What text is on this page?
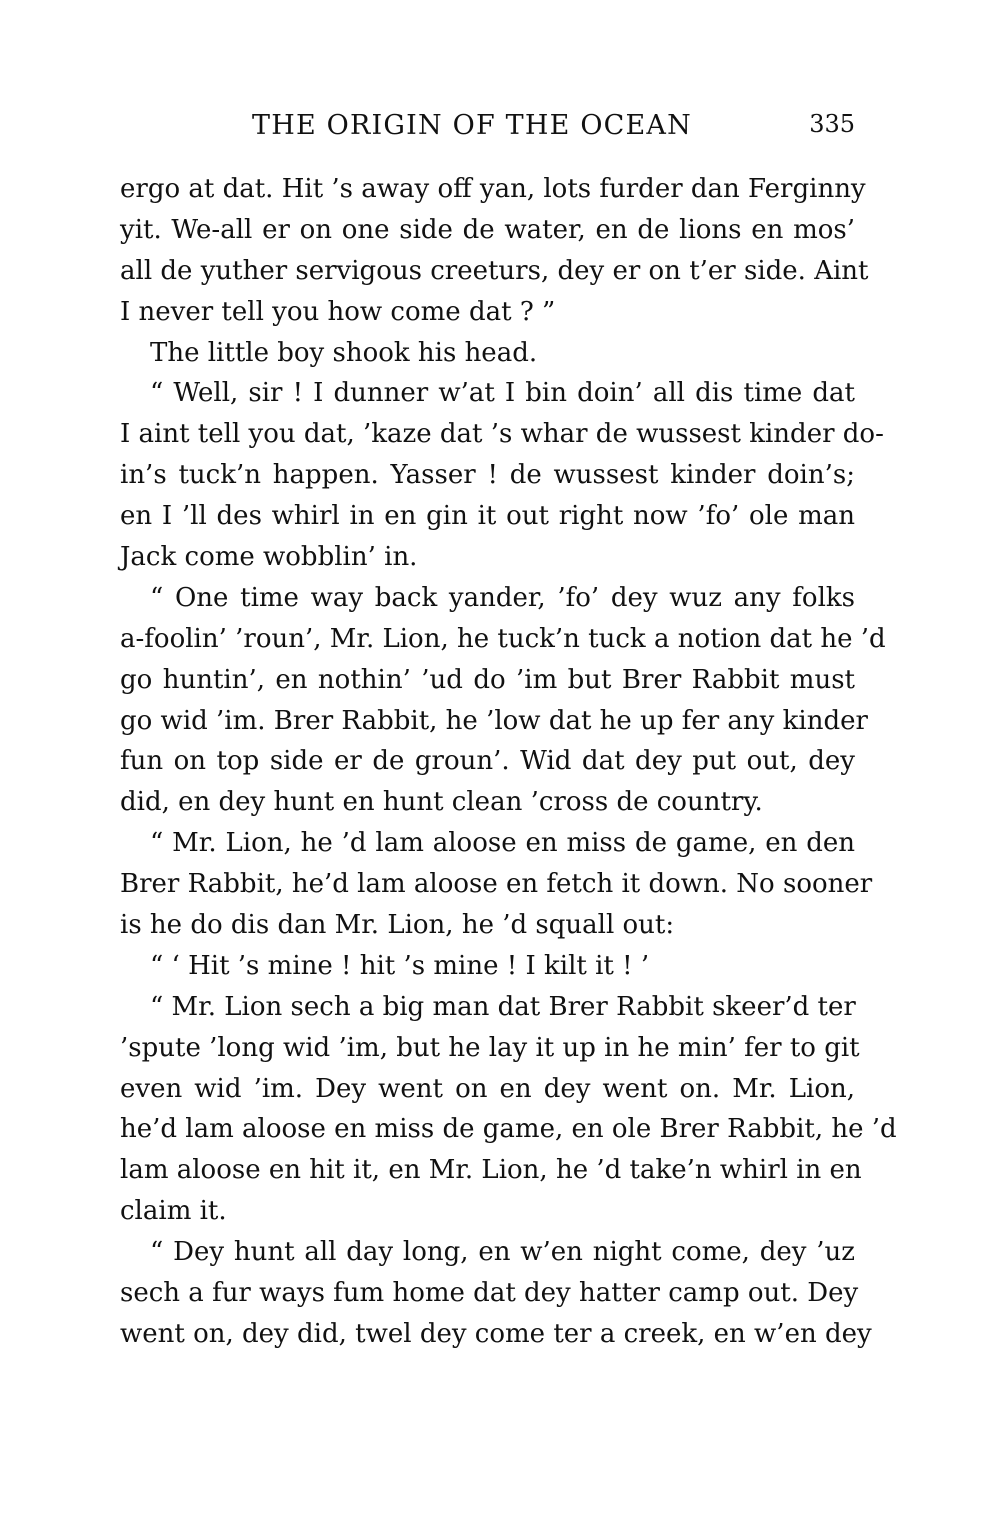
THE ORIGIN OF THE OCEAN	335
ergo at dat. Hit ’s away off yan, lots furder dan Ferginny
yit. We-all er on one side de water, en de lions en mos’
all de yuther servigous creeturs, dey er on t’er side. Aint
I never tell you how come dat ? ”
The little boy shook his head.
“ Well, sir ! I dunner w’at I bin doin’ all dis time dat
I aint tell you dat, ’kaze dat ’s whar de wussest kinder do-
in’s tuck’n happen. Yasser ! de wussest kinder doin’s;
en I ’ll des whirl in en gin it out right now ’fo’ ole man
Jack come wobblin’ in.
“ One time way back yander, ’fo’ dey wuz any folks
a-foolin’ ’roun’, Mr. Lion, he tuck’n tuck a notion dat he ’d
go huntin’, en nothin’ ’ud do ’im but Brer Rabbit must
go wid ’im. Brer Rabbit, he ’low dat he up fer any kinder
fun on top side er de groun’. Wid dat dey put out, dey
did, en dey hunt en hunt clean ’cross de country.
“ Mr. Lion, he ’d lam aloose en miss de game, en den
Brer Rabbit, he’d lam aloose en fetch it down. No sooner
is he do dis dan Mr. Lion, he ’d squall out:
“ ‘ Hit ’s mine ! hit ’s mine ! I kilt it ! ’
“ Mr. Lion sech a big man dat Brer Rabbit skeer’d ter
’spute ’long wid ’im, but he lay it up in he min’ fer to git
even wid ’im. Dey went on en dey went on. Mr. Lion,
he’d lam aloose en miss de game, en ole Brer Rabbit, he ’d
lam aloose en hit it, en Mr. Lion, he ’d take’n whirl in en
claim it.
“ Dey hunt all day long, en w’en night come, dey ’uz
sech a fur ways fum home dat dey hatter camp out. Dey
went on, dey did, twel dey come ter a creek, en w’en dey
